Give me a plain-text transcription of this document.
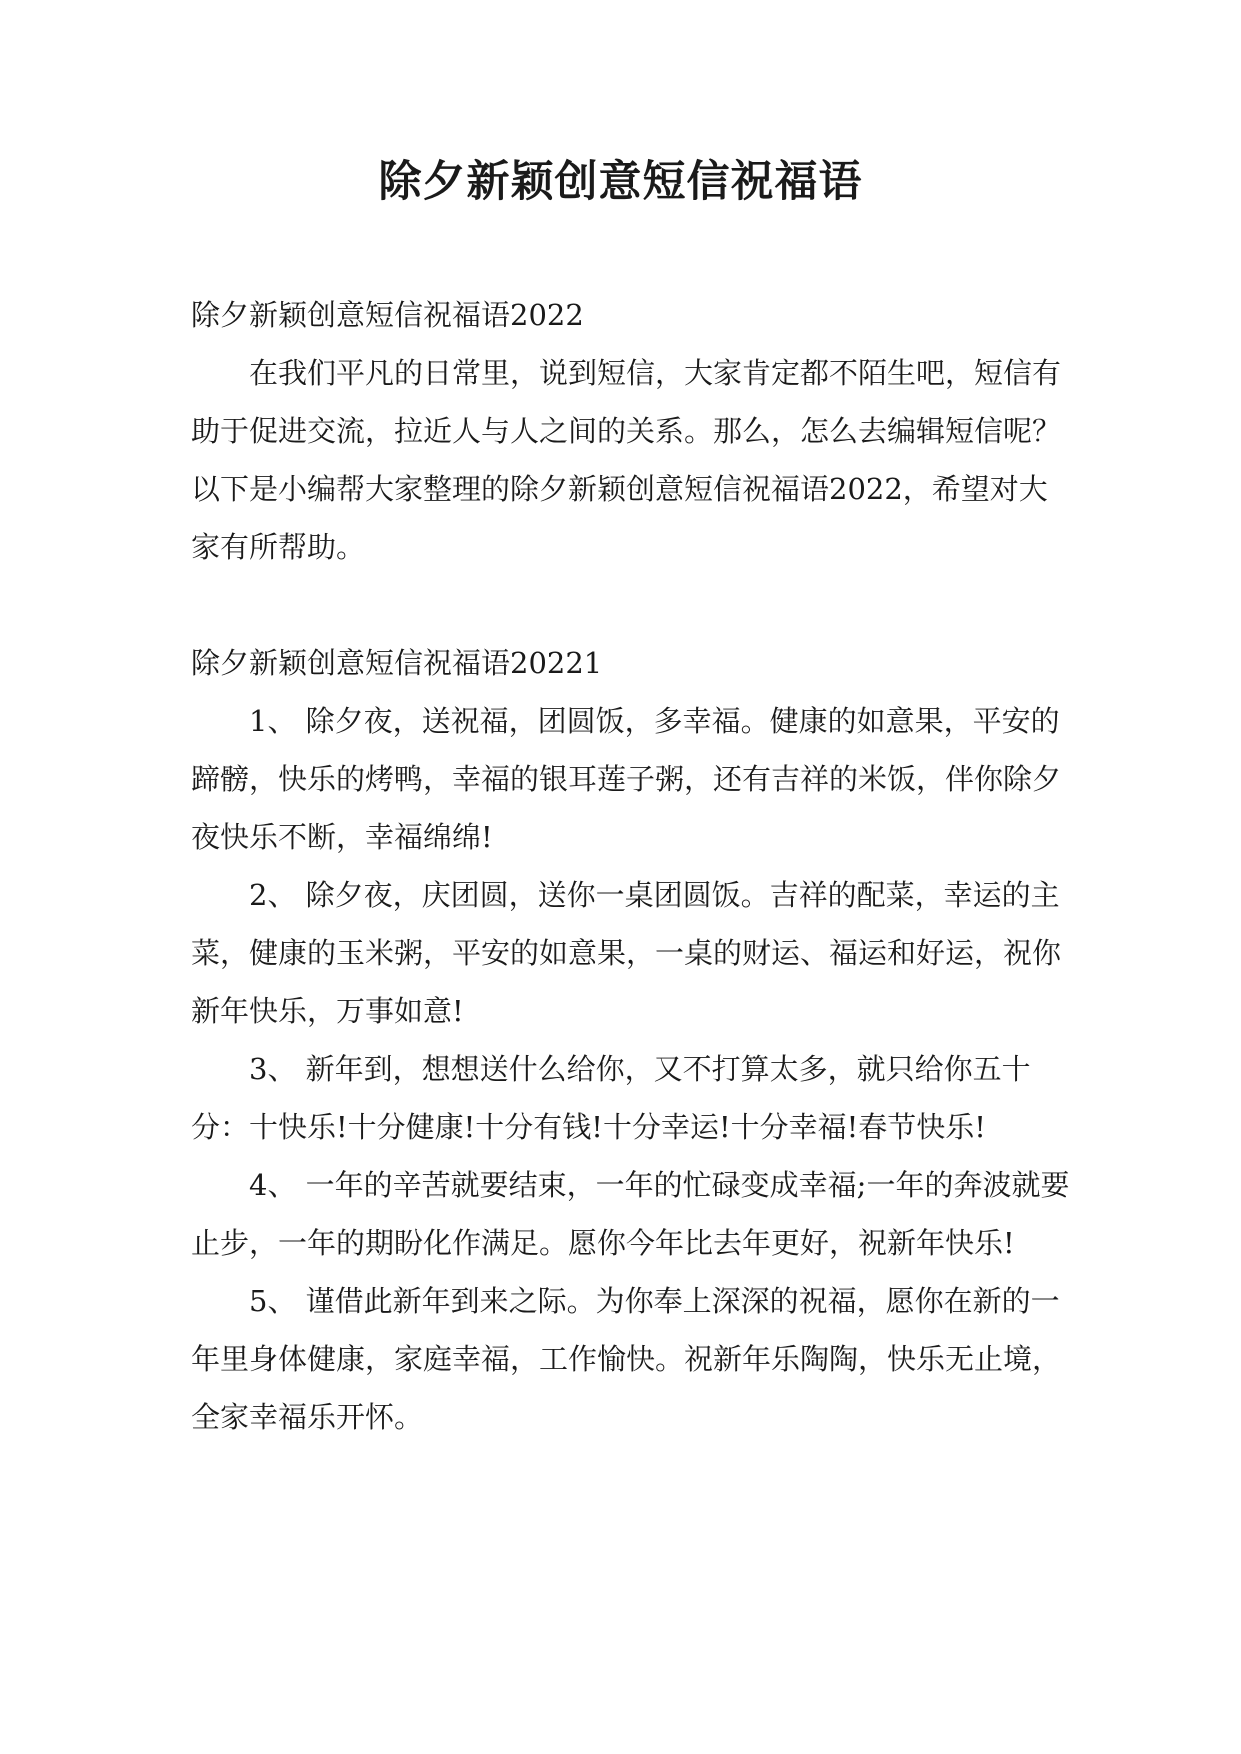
除夕新颖创意短信祝福语

除夕新颖创意短信祝福语2022

在我们平凡的日常里，说到短信，大家肯定都不陌生吧，短信有助于促进交流，拉近人与人之间的关系。那么，怎么去编辑短信呢？以下是小编帮大家整理的除夕新颖创意短信祝福语2022，希望对大家有所帮助。

除夕新颖创意短信祝福语20221

1、 除夕夜，送祝福，团圆饭，多幸福。健康的如意果，平安的蹄髈，快乐的烤鸭，幸福的银耳莲子粥，还有吉祥的米饭，伴你除夕夜快乐不断，幸福绵绵!

2、 除夕夜，庆团圆，送你一桌团圆饭。吉祥的配菜，幸运的主菜，健康的玉米粥，平安的如意果，一桌的财运、福运和好运，祝你新年快乐，万事如意!

3、 新年到，想想送什么给你，又不打算太多，就只给你五十分：十快乐!十分健康!十分有钱!十分幸运!十分幸福!春节快乐!

4、 一年的辛苦就要结束，一年的忙碌变成幸福;一年的奔波就要止步，一年的期盼化作满足。愿你今年比去年更好，祝新年快乐!

5、 谨借此新年到来之际。为你奉上深深的祝福，愿你在新的一年里身体健康，家庭幸福，工作愉快。祝新年乐陶陶，快乐无止境，全家幸福乐开怀。
